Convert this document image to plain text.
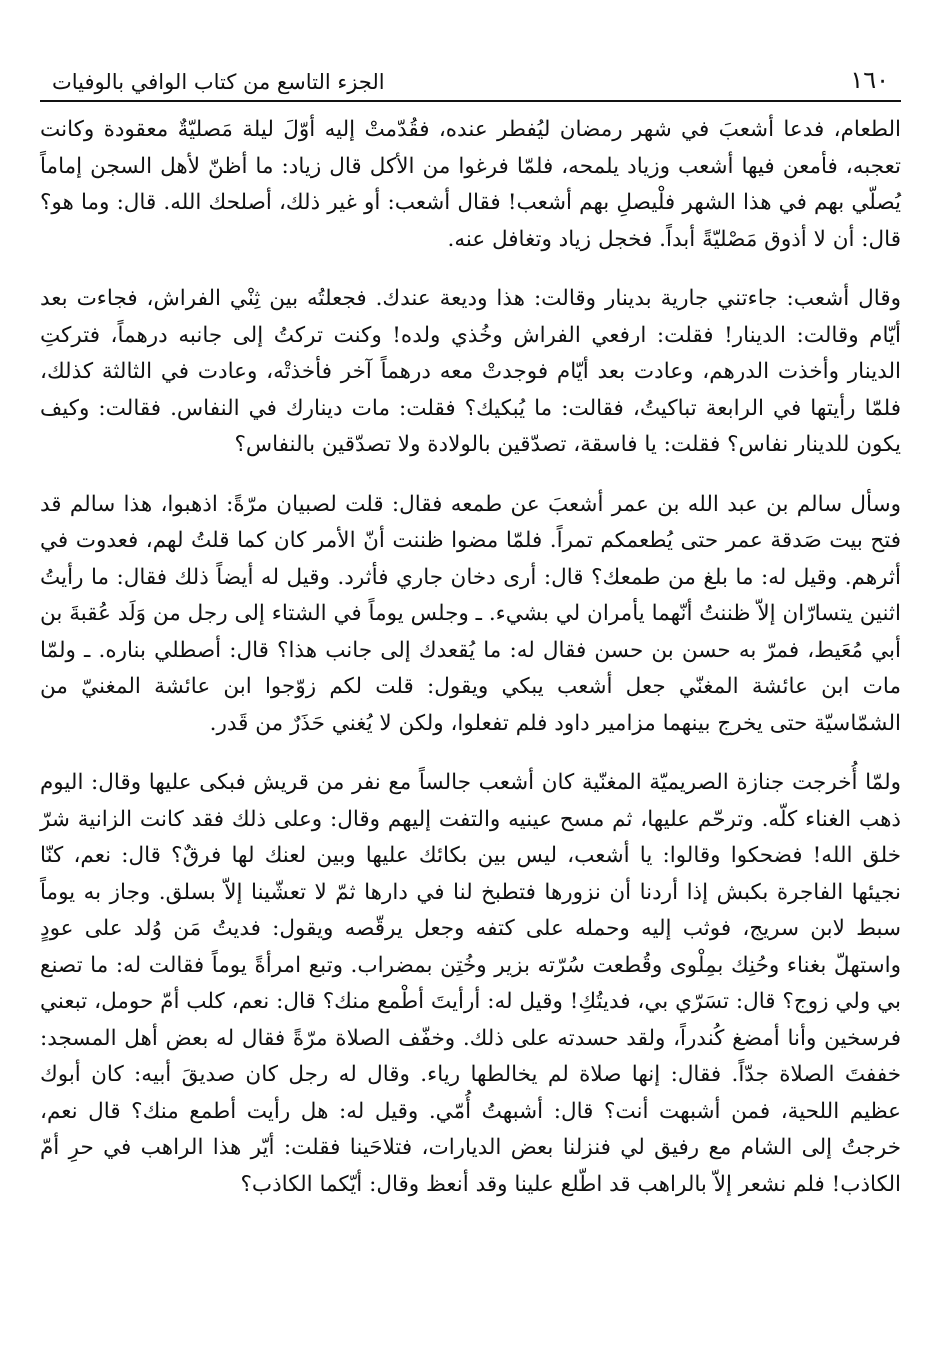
١٦٠
الجزء التاسع من كتاب الوافي بالوفيات

الطعام، فدعا أشعبَ في شهر رمضان ليُفطر عنده، فقُدّمتْ إليه أوّلَ ليلة مَصليّةٌ معقودة وكانت تعجبه، فأمعن فيها أشعب وزياد يلمحه، فلمّا فرغوا من الأكل قال زياد: ما أظنّ لأهل السجن إماماً يُصلّي بهم في هذا الشهر فلْيصلِ بهم أشعب! فقال أشعب: أو غير ذلك، أصلحك الله. قال: وما هو؟ قال: أن لا أذوق مَصْليّةً أبداً. فخجل زياد وتغافل عنه.

وقال أشعب: جاءتني جارية بدينار وقالت: هذا وديعة عندك. فجعلتُه بين ثِنْي الفراش، فجاءت بعد أيّام وقالت: الدينار! فقلت: ارفعي الفراش وخُذي ولده! وكنت تركتُ إلى جانبه درهماً، فتركتِ الدينار وأخذت الدرهم، وعادت بعد أيّام فوجدتْ معه درهماً آخر فأخذتْه، وعادت في الثالثة كذلك، فلمّا رأيتها في الرابعة تباكيتُ، فقالت: ما يُبكيك؟ فقلت: مات دينارك في النفاس. فقالت: وكيف يكون للدينار نفاس؟ فقلت: يا فاسقة، تصدّقين بالولادة ولا تصدّقين بالنفاس؟

وسأل سالم بن عبد الله بن عمر أشعبَ عن طمعه فقال: قلت لصبيان مرّةً: اذهبوا، هذا سالم قد فتح بيت صَدقة عمر حتى يُطعمكم تمراً. فلمّا مضوا ظننت أنّ الأمر كان كما قلتُ لهم، فعدوت في أثرهم. وقيل له: ما بلغ من طمعك؟ قال: أرى دخان جاري فأثرد. وقيل له أيضاً ذلك فقال: ما رأيتُ اثنين يتسارّان إلاّ ظننتُ أنّهما يأمران لي بشيء. ـ وجلس يوماً في الشتاء إلى رجل من وَلَد عُقبةَ بن أبي مُعَيط، فمرّ به حسن بن حسن فقال له: ما يُقعدك إلى جانب هذا؟ قال: أصطلي بناره. ـ ولمّا مات ابن عائشة المغنّي جعل أشعب يبكي ويقول: قلت لكم زوّجوا ابن عائشة المغنيّ من الشمّاسيّة حتى يخرج بينهما مزامير داود فلم تفعلوا، ولكن لا يُغني حَذَرٌ من قَدر.

ولمّا أُخرجت جنازة الصريميّة المغنّية كان أشعب جالساً مع نفر من قريش فبكى عليها وقال: اليوم ذهب الغناء كلّه. وترحّم عليها، ثم مسح عينيه والتفت إليهم وقال: وعلى ذلك فقد كانت الزانية شرّ خلق الله! فضحكوا وقالوا: يا أشعب، ليس بين بكائك عليها وبين لعنك لها فرقٌ؟ قال: نعم، كنّا نجيئها الفاجرة بكبش إذا أردنا أن نزورها فتطبخ لنا في دارها ثمّ لا تعشّينا إلاّ بسلق. وجاز به يوماً سبط لابن سريج، فوثب إليه وحمله على كتفه وجعل يرقّصه ويقول: فديتُ مَن وُلد على عودٍ واستهلّ بغناء وحُنِك بمِلْوى وقُطعت سُرّته بزير وخُتِن بمضراب. وتبع امرأةً يوماً فقالت له: ما تصنع بي ولي زوج؟ قال: تسَرّي بي، فديتُكِ! وقيل له: أرأيتَ أطْمع منك؟ قال: نعم، كلب أمّ حومل، تبعني فرسخين وأنا أمضغ كُندراً، ولقد حسدته على ذلك. وخفّف الصلاة مرّةً فقال له بعض أهل المسجد: خففتَ الصلاة جدّاً. فقال: إنها صلاة لم يخالطها رياء. وقال له رجل كان صديقَ أبيه: كان أبوك عظيم اللحية، فمن أشبهت أنت؟ قال: أشبهتُ أُمّي. وقيل له: هل رأيت أطمع منك؟ قال نعم، خرجتُ إلى الشام مع رفيق لي فنزلنا بعض الديارات، فتلاحَينا فقلت: أيّر هذا الراهب في حرِ أمّ الكاذب! فلم نشعر إلاّ بالراهب قد اطّلع علينا وقد أنعظ وقال: أيّكما الكاذب؟
